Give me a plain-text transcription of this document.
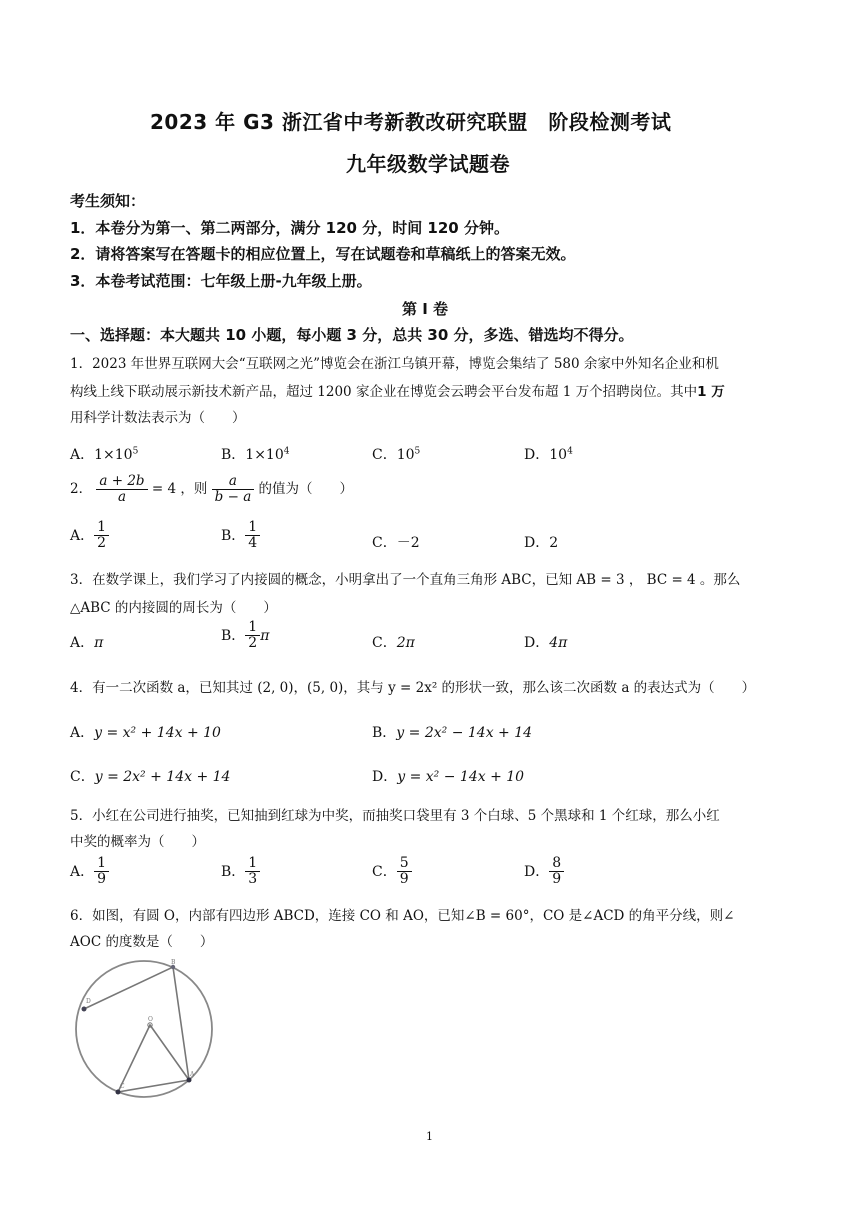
2023 年 G3 浙江省中考新教改研究联盟　阶段检测考试
九年级数学试题卷
考生须知：
1．本卷分为第一、第二两部分，满分 120 分，时间 120 分钟。
2．请将答案写在答题卡的相应位置上，写在试题卷和草稿纸上的答案无效。
3．本卷考试范围：七年级上册-九年级上册。
第 Ⅰ 卷
一、选择题：本大题共 10 小题，每小题 3 分，总共 30 分，多选、错选均不得分。
1．2023 年世界互联网大会“互联网之光”博览会在浙江乌镇开幕，博览会集结了 580 余家中外知名企业和机
构线上线下联动展示新技术新产品，超过 1200 家企业在博览会云聘会平台发布超 1 万个招聘岗位。其中1 万
用科学计数法表示为（　　）
A．$1\times 10^5$	B．$1\times 10^4$	C．$10^5$	D．$10^4$
2． $\frac{a + 2b}{a} = 4$ ，则 $\frac{a}{b - a}$ 的值为（　　）
A． $\frac{1}{2}$	B． $\frac{1}{4}$	C．－2	D．2
3．在数学课上，我们学习了内接圆的概念，小明拿出了一个直角三角形 ABC，已知 AB = 3 ， BC = 4 。那么
△ABC 的内接圆的周长为（　　）
A．π	B． $\frac{1}{2}$ π	C．2π	D．4π
4．有一二次函数 a，已知其过 (2, 0)，(5, 0)，其与 y = 2x² 的形状一致，那么该二次函数 a 的表达式为（　　）
A．y = x² + 14x + 10	B．y = 2x² − 14x + 14
C．y = 2x² + 14x + 14	D．y = x² − 14x + 10
5．小红在公司进行抽奖，已知抽到红球为中奖，而抽奖口袋里有 3 个白球、5 个黑球和 1 个红球，那么小红
中奖的概率为（　　）
A． $\frac{1}{9}$	B． $\frac{1}{3}$	C． $\frac{5}{9}$	D． $\frac{8}{9}$
6．如图，有圆 O，内部有四边形 ABCD，连接 CO 和 AO，已知∠B = 60°，CO 是∠ACD 的角平分线，则∠
AOC 的度数是（　　）
B
D
O
C
A
1
